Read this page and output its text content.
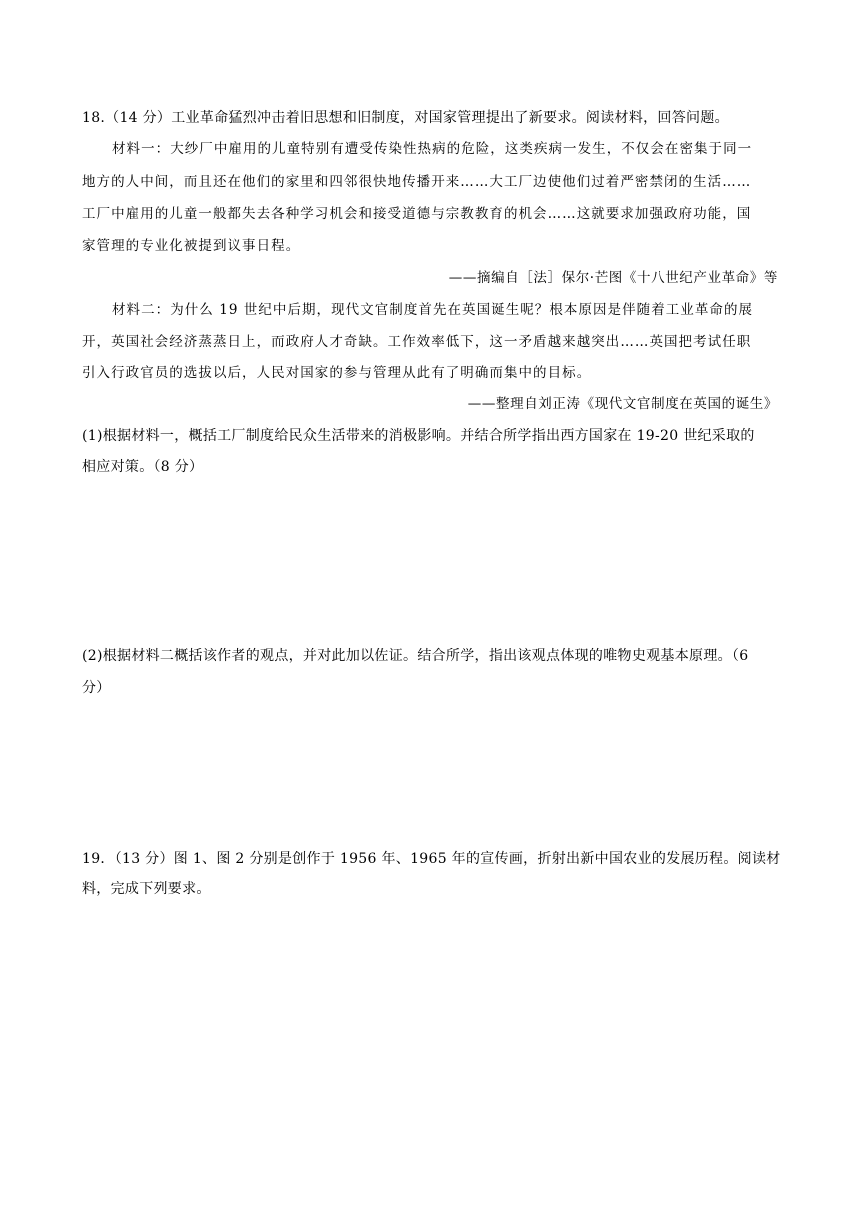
18.（14 分）工业革命猛烈冲击着旧思想和旧制度，对国家管理提出了新要求。阅读材料，回答问题。
材料一：大纱厂中雇用的儿童特别有遭受传染性热病的危险，这类疾病一发生，不仅会在密集于同一
地方的人中间，而且还在他们的家里和四邻很快地传播开来……大工厂边使他们过着严密禁闭的生活……
工厂中雇用的儿童一般都失去各种学习机会和接受道德与宗教教育的机会……这就要求加强政府功能，国
家管理的专业化被提到议事日程。
——摘编自［法］保尔·芒图《十八世纪产业革命》等
材料二：为什么 19 世纪中后期，现代文官制度首先在英国诞生呢？根本原因是伴随着工业革命的展
开，英国社会经济蒸蒸日上，而政府人才奇缺。工作效率低下，这一矛盾越来越突出……英国把考试任职
引入行政官员的选拔以后，人民对国家的参与管理从此有了明确而集中的目标。
——整理自刘正涛《现代文官制度在英国的诞生》
(1)根据材料一，概括工厂制度给民众生活带来的消极影响。并结合所学指出西方国家在 19-20 世纪采取的
相应对策。（8 分）
(2)根据材料二概括该作者的观点，并对此加以佐证。结合所学，指出该观点体现的唯物史观基本原理。（6
分）
19．（13 分）图 1、图 2 分别是创作于 1956 年、1965 年的宣传画，折射出新中国农业的发展历程。阅读材
料，完成下列要求。
